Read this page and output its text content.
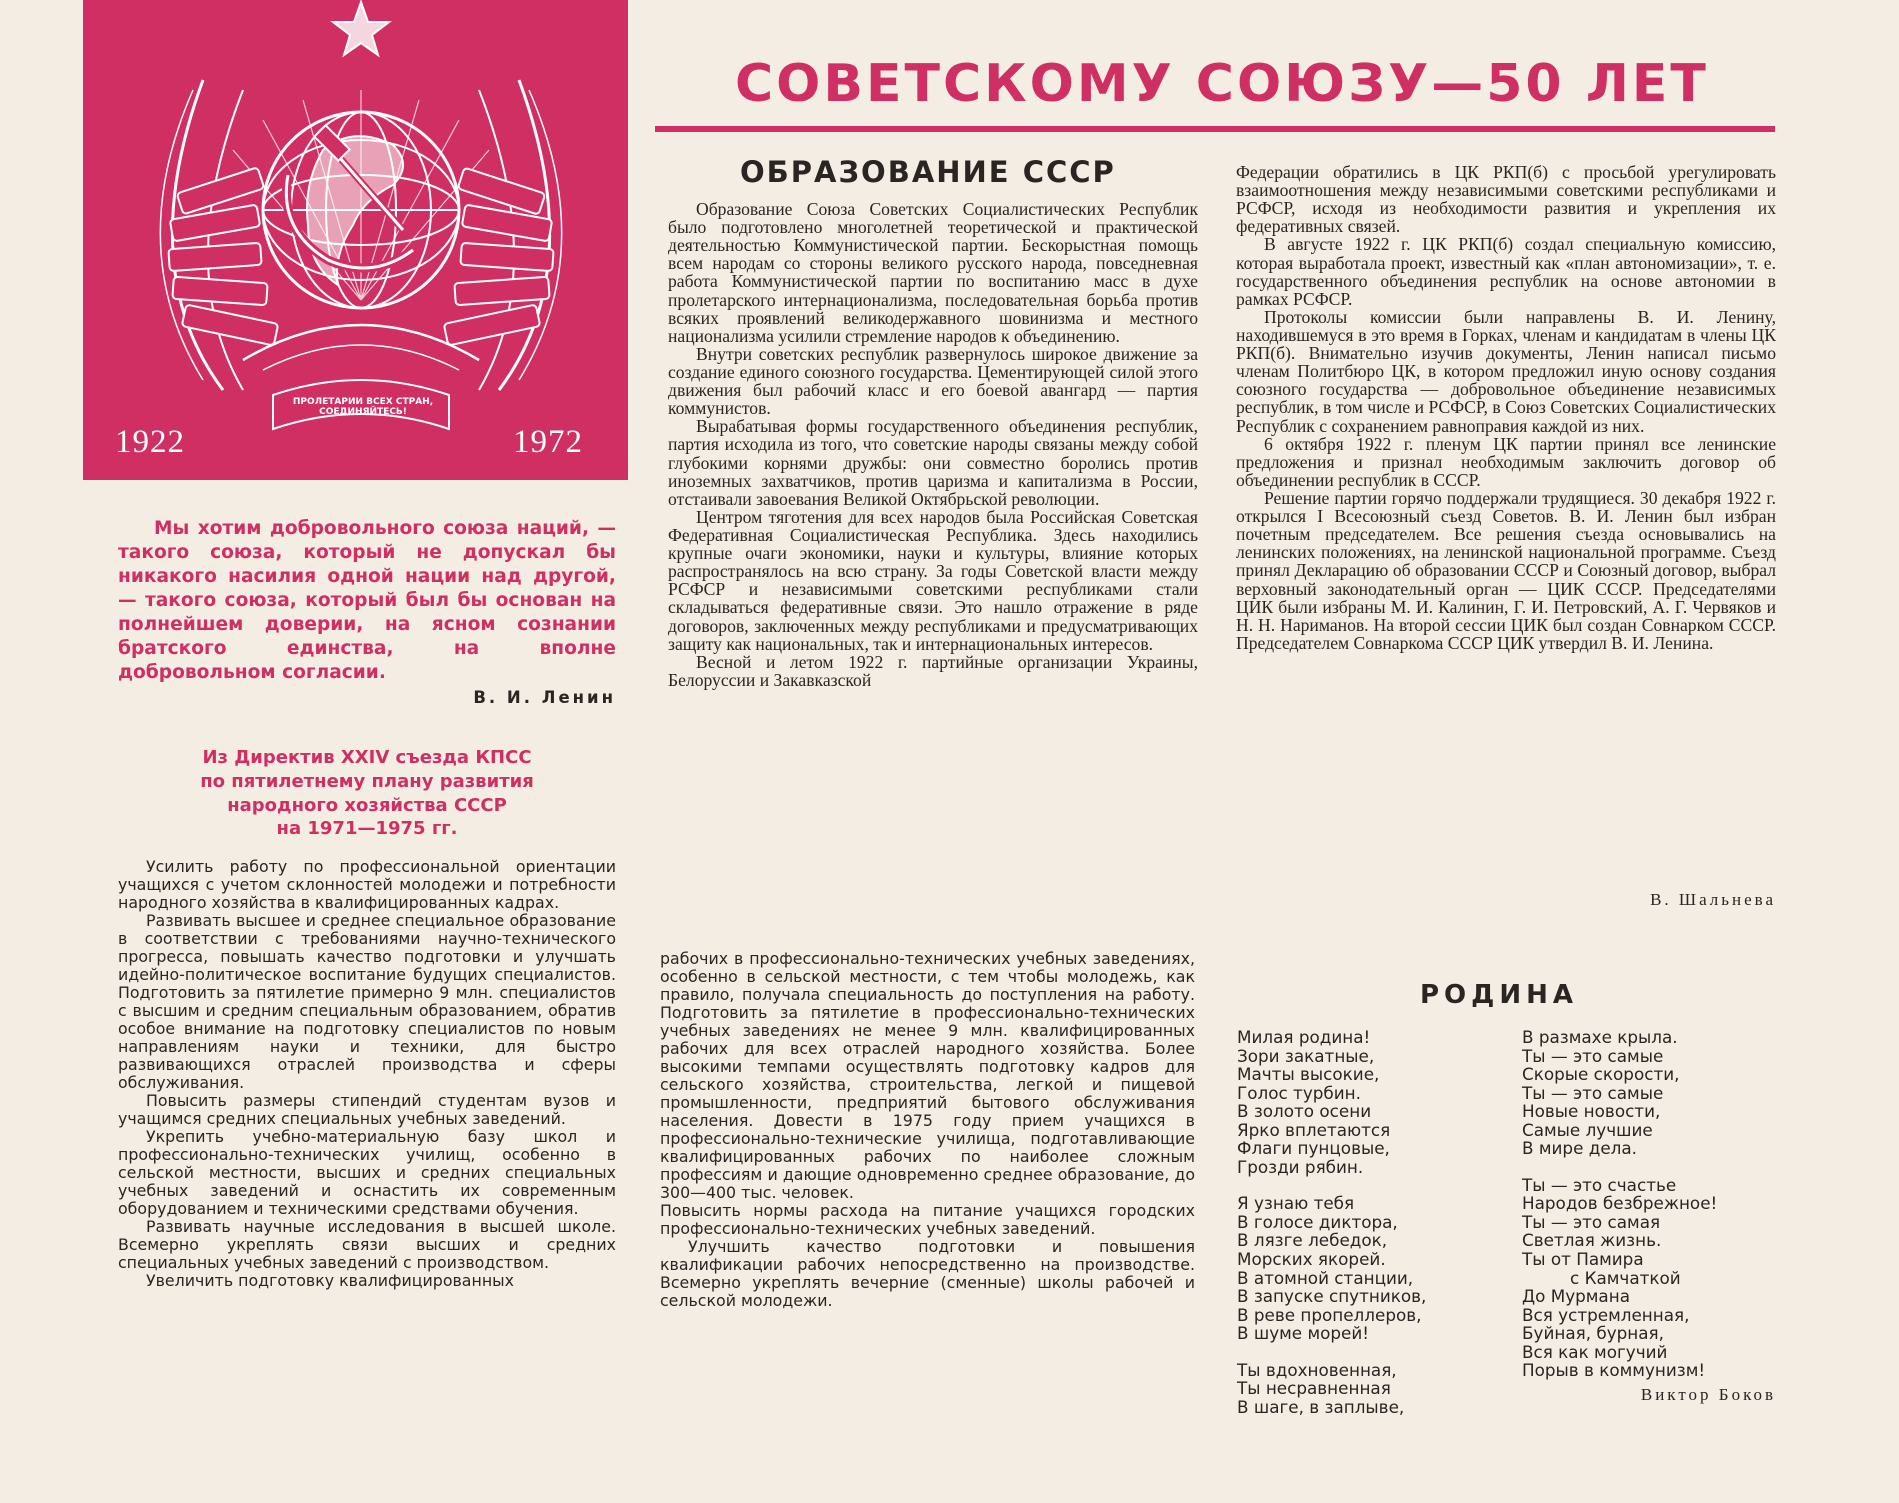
1922	1972
ПРОЛЕТАРИИ ВСЕХ СТРАН, СОЕДИНЯЙТЕСЬ!
СОВЕТСКОМУ СОЮЗУ—50 ЛЕТ

Мы хотим добровольного союза наций, — такого союза, который не допускал бы никакого насилия одной нации над другой, — такого союза, который был бы основан на полнейшем доверии, на ясном сознании братского единства, на вполне добровольном согласии.

В. И. Ленин
Из Директив XXIV съезда КПСС
по пятилетнему плану развития
народного хозяйства СССР
на 1971—1975 гг.

Усилить работу по профессиональной ориентации учащихся с учетом склонностей молодежи и потребности народного хозяйства в квалифицированных кадрах.

Развивать высшее и среднее специальное образование в соответствии с требованиями научно-технического прогресса, повышать качество подготовки и улучшать идейно-политическое воспитание будущих специалистов. Подготовить за пятилетие примерно 9 млн. специалистов с высшим и средним специальным образованием, обратив особое внимание на подготовку специалистов по новым направлениям науки и техники, для быстро развивающихся отраслей производства и сферы обслуживания.

Повысить размеры стипендий студентам вузов и учащимся средних специальных учебных заведений.

Укрепить учебно-материальную базу школ и профессионально-технических училищ, особенно в сельской местности, высших и средних специальных учебных заведений и оснастить их современным оборудованием и техническими средствами обучения.

Развивать научные исследования в высшей школе. Всемерно укреплять связи высших и средних специальных учебных заведений с производством.

Увеличить подготовку квалифицированных

рабочих в профессионально-технических учебных заведениях, особенно в сельской местности, с тем чтобы молодежь, как правило, получала специальность до поступления на работу. Подготовить за пятилетие в профессионально-технических учебных заведениях не менее 9 млн. квалифицированных рабочих для всех отраслей народного хозяйства. Более высокими темпами осуществлять подготовку кадров для сельского хозяйства, строительства, легкой и пищевой промышленности, предприятий бытового обслуживания населения. Довести в 1975 году прием учащихся в профессионально-технические училища, подготавливающие квалифицированных рабочих по наиболее сложным профессиям и дающие одновременно среднее образование, до 300—400 тыс. человек.

Повысить нормы расхода на питание учащихся городских профессионально-технических учебных заведений.

Улучшить качество подготовки и повышения квалификации рабочих непосредственно на производстве. Всемерно укреплять вечерние (сменные) школы рабочей и сельской молодежи.

ОБРАЗОВАНИЕ СССР

Образование Союза Советских Социалистических Республик было подготовлено многолетней теоретической и практической деятельностью Коммунистической партии. Бескорыстная помощь всем народам со стороны великого русского народа, повседневная работа Коммунистической партии по воспитанию масс в духе пролетарского интернационализма, последовательная борьба против всяких проявлений великодержавного шовинизма и местного национализма усилили стремление народов к объединению.

Внутри советских республик развернулось широкое движение за создание единого союзного государства. Цементирующей силой этого движения был рабочий класс и его боевой авангард — партия коммунистов.

Вырабатывая формы государственного объединения республик, партия исходила из того, что советские народы связаны между собой глубокими корнями дружбы: они совместно боролись против иноземных захватчиков, против царизма и капитализма в России, отстаивали завоевания Великой Октябрьской революции.

Центром тяготения для всех народов была Российская Советская Федеративная Социалистическая Республика. Здесь находились крупные очаги экономики, науки и культуры, влияние которых распространялось на всю страну. За годы Советской власти между РСФСР и независимыми советскими республиками стали складываться федеративные связи. Это нашло отражение в ряде договоров, заключенных между республиками и предусматривающих защиту как национальных, так и интернациональных интересов.

Весной и летом 1922 г. партийные организации Украины, Белоруссии и Закавказской

Федерации обратились в ЦК РКП(б) с просьбой урегулировать взаимоотношения между независимыми советскими республиками и РСФСР, исходя из необходимости развития и укрепления их федеративных связей.

В августе 1922 г. ЦК РКП(б) создал специальную комиссию, которая выработала проект, известный как «план автономизации», т. е. государственного объединения республик на основе автономии в рамках РСФСР.

Протоколы комиссии были направлены В. И. Ленину, находившемуся в это время в Горках, членам и кандидатам в члены ЦК РКП(б). Внимательно изучив документы, Ленин написал письмо членам Политбюро ЦК, в котором предложил иную основу создания союзного государства — добровольное объединение независимых республик, в том числе и РСФСР, в Союз Советских Социалистических Республик с сохранением равноправия каждой из них.

6 октября 1922 г. пленум ЦК партии принял все ленинские предложения и признал необходимым заключить договор об объединении республик в СССР.

Решение партии горячо поддержали трудящиеся. 30 декабря 1922 г. открылся I Всесоюзный съезд Советов. В. И. Ленин был избран почетным председателем. Все решения съезда основывались на ленинских положениях, на ленинской национальной программе. Съезд принял Декларацию об образовании СССР и Союзный договор, выбрал верховный законодательный орган — ЦИК СССР. Председателями ЦИК были избраны М. И. Калинин, Г. И. Петровский, А. Г. Червяков и Н. Н. Нариманов. На второй сессии ЦИК был создан Совнарком СССР. Председателем Совнаркома СССР ЦИК утвердил В. И. Ленина.

В. Шальнева
РОДИНА
Милая родина!
Зори закатные,
Мачты высокие,
Голос турбин.
В золото осени
Ярко вплетаются
Флаги пунцовые,
Грозди рябин.
Я узнаю тебя
В голосе диктора,
В лязге лебедок,
Морских якорей.
В атомной станции,
В запуске спутников,
В реве пропеллеров,
В шуме морей!
Ты вдохновенная,
Ты несравненная
В шаге, в заплыве,
В размахе крыла.
Ты — это самые
Скорые скорости,
Ты — это самые
Новые новости,
Самые лучшие
В мире дела.
Ты — это счастье
Народов безбрежное!
Ты — это самая
Светлая жизнь.
Ты от Памира
с Камчаткой
До Мурмана
Вся устремленная,
Буйная, бурная,
Вся как могучий
Порыв в коммунизм!
Виктор Боков
